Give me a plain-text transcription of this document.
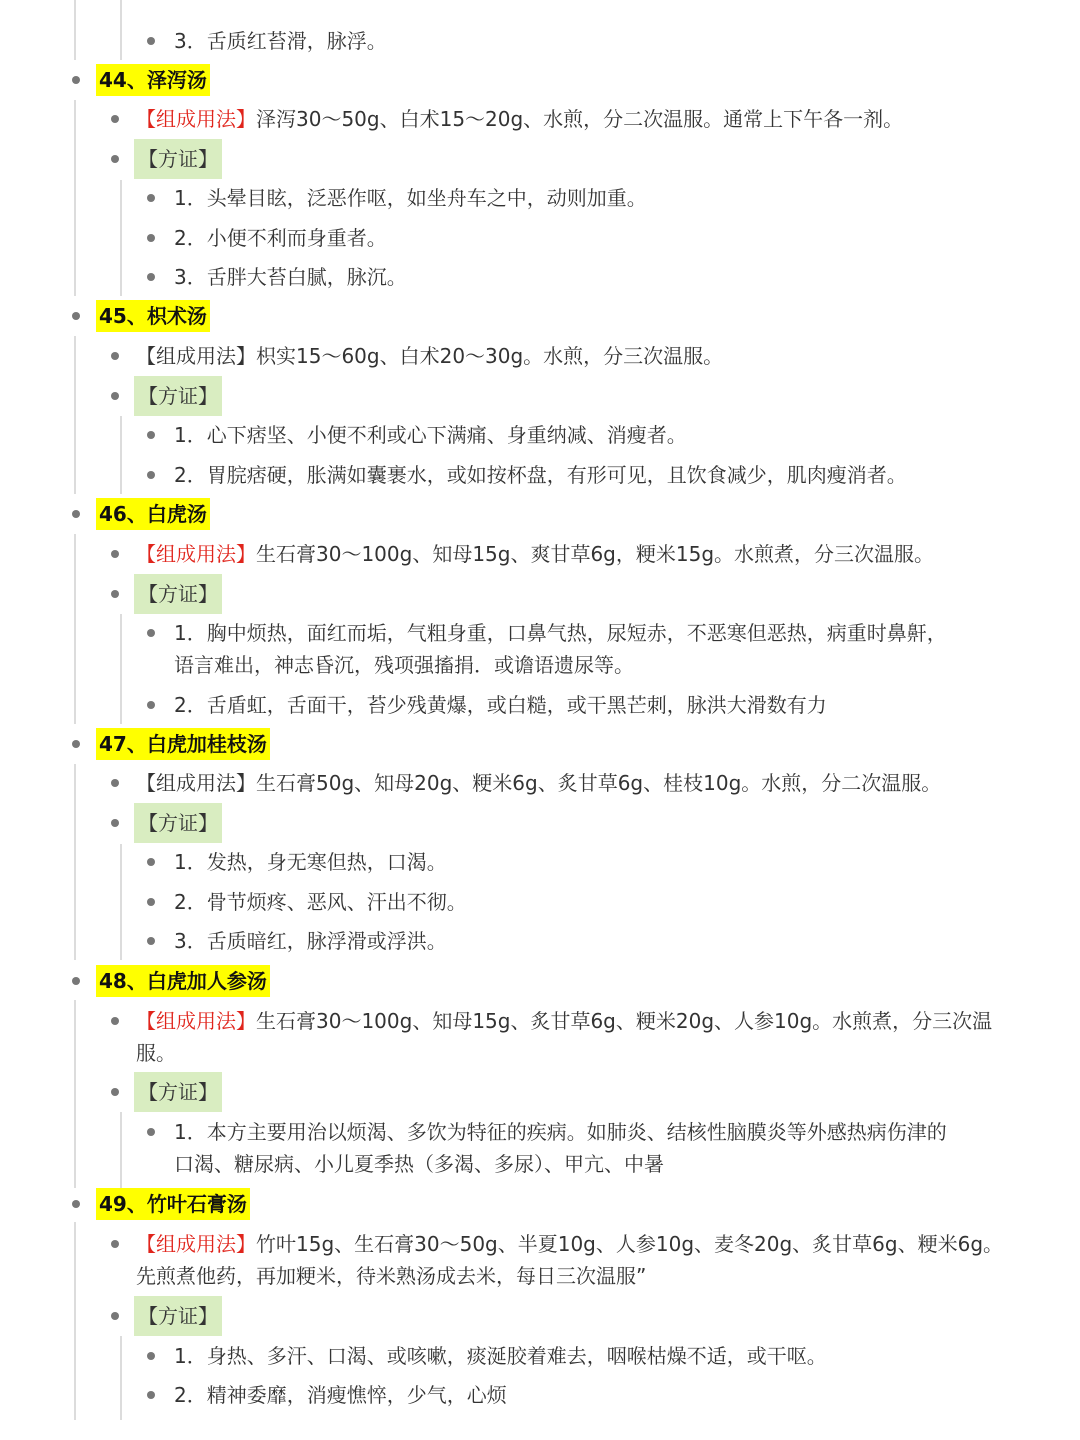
3．舌质红苔滑，脉浮。
44、泽泻汤
【组成用法】泽泻30～50g、白术15～20g、水煎，分二次温服。通常上下午各一剂。
【方证】
1．头晕目眩，泛恶作呕，如坐舟车之中，动则加重。
2．小便不利而身重者。
3．舌胖大苔白腻，脉沉。
45、枳术汤
【组成用法】枳实15～60g、白术20～30g。水煎，分三次温服。
【方证】
1．心下痞坚、小便不利或心下满痛、身重纳减、消瘦者。
2．胃脘痞硬，胀满如囊裹水，或如按杯盘，有形可见，且饮食减少，肌肉瘦消者。
46、白虎汤
【组成用法】生石膏30～100g、知母15g、爽甘草6g，粳米15g。水煎煮，分三次温服。
【方证】
1．胸中烦热，面红而垢，气粗身重，口鼻气热，尿短赤，不恶寒但恶热，病重时鼻鼾，
语言难出，神志昏沉，残项强搐捐．或谵语遗尿等。
2．舌盾虹，舌面干，苔少残黄爆，或白糙，或干黑芒刺，脉洪大滑数有力
47、白虎加桂枝汤
【组成用法】生石膏50g、知母20g、粳米6g、炙甘草6g、桂枝10g。水煎，分二次温服。
【方证】
1．发热，身无寒但热，口渴。
2．骨节烦疼、恶风、汗出不彻。
3．舌质暗红，脉浮滑或浮洪。
48、白虎加人参汤
【组成用法】生石膏30～100g、知母15g、炙甘草6g、粳米20g、人参10g。水煎煮，分三次温
服。
【方证】
1．本方主要用治以烦渴、多饮为特征的疾病。如肺炎、结核性脑膜炎等外感热病伤津的
口渴、糖尿病、小儿夏季热（多渴、多尿）、甲亢、中暑
49、竹叶石膏汤
【组成用法】竹叶15g、生石膏30～50g、半夏10g、人参10g、麦冬20g、炙甘草6g、粳米6g。
先煎煮他药，再加粳米，待米熟汤成去米，每日三次温服”
【方证】
1．身热、多汗、口渴、或咳嗽，痰涎胶着难去，咽喉枯燥不适，或干呕。
2．精神委靡，消瘦憔悴，少气，心烦
